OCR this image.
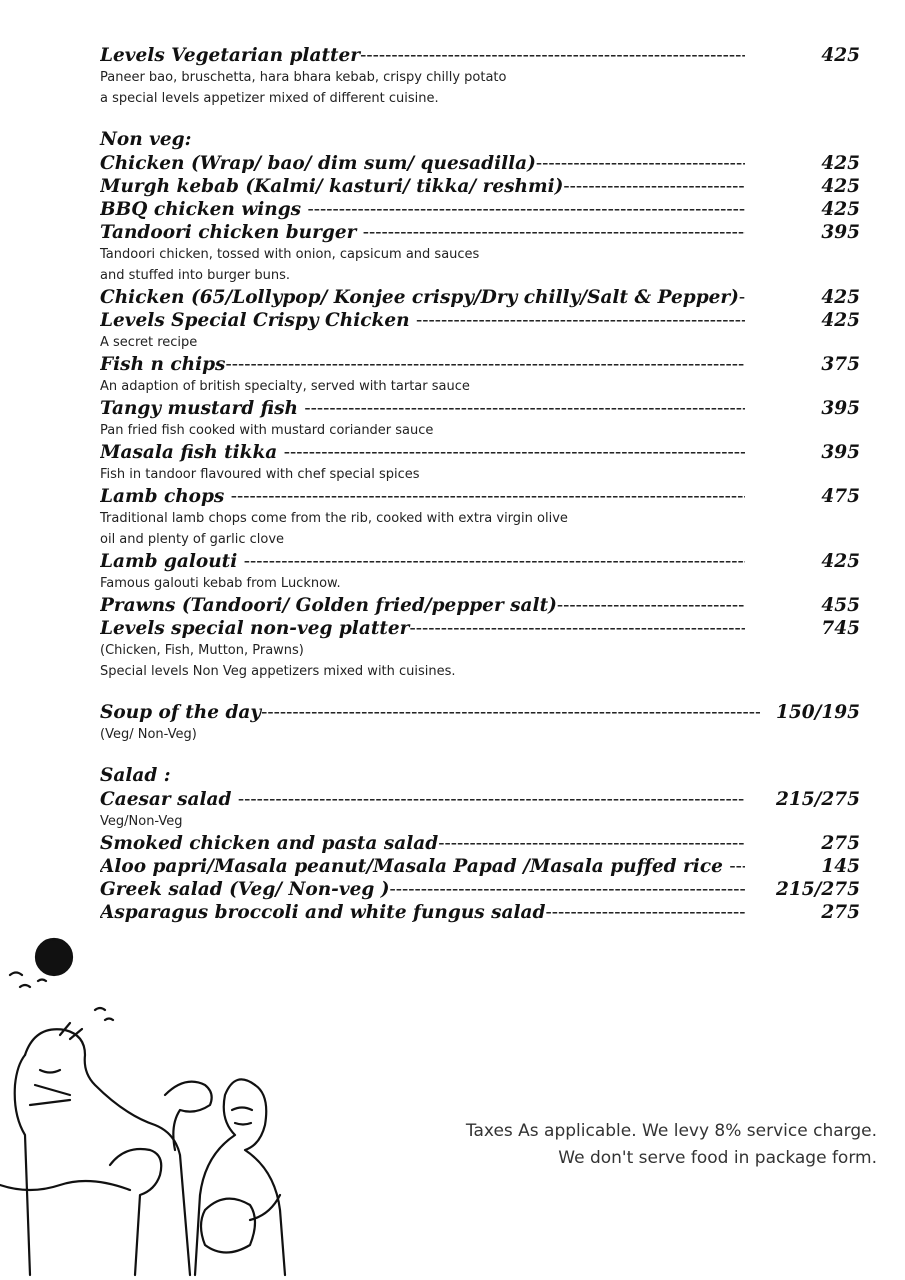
Levels Vegetarian platter -----	425
Paneer bao, bruschetta, hara bhara kebab, crispy chilly potato
a special levels appetizer mixed of different cuisine.
Non veg:
Chicken (Wrap/ bao/ dim sum/ quesadilla) -----	425
Murgh kebab (Kalmi/ kasturi/ tikka/ reshmi) -----	425
BBQ chicken wings -----	425
Tandoori chicken burger -----	395
Tandoori chicken, tossed with onion, capsicum and sauces
and stuffed into burger buns.
Chicken (65/Lollypop/ Konjee crispy/Dry chilly/Salt & Pepper) -----	425
Levels Special Crispy Chicken -----	425
A secret recipe
Fish n chips -----	375
An adaption of british specialty, served with tartar sauce
Tangy mustard fish -----	395
Pan fried fish cooked with mustard coriander sauce
Masala fish tikka -----	395
Fish in tandoor flavoured with chef special spices
Lamb chops -----	475
Traditional lamb chops come from the rib, cooked with extra virgin olive
oil and plenty of garlic clove
Lamb galouti -----	425
Famous galouti kebab from Lucknow.
Prawns (Tandoori/ Golden fried/pepper salt) -----	455
Levels special non-veg platter -----	745
(Chicken, Fish, Mutton, Prawns)
Special levels Non Veg appetizers mixed with cuisines.
Soup of the day -----	150/195
(Veg/ Non-Veg)
Salad :
Caesar salad -----	215/275
Veg/Non-Veg
Smoked chicken and pasta salad -----	275
Aloo papri/Masala peanut/Masala Papad /Masala puffed rice -----	145
Greek salad (Veg/ Non-veg ) -----	215/275
Asparagus broccoli and white fungus salad -----	275
Taxes As applicable. We levy 8% service charge.
We don't serve food in package form.
